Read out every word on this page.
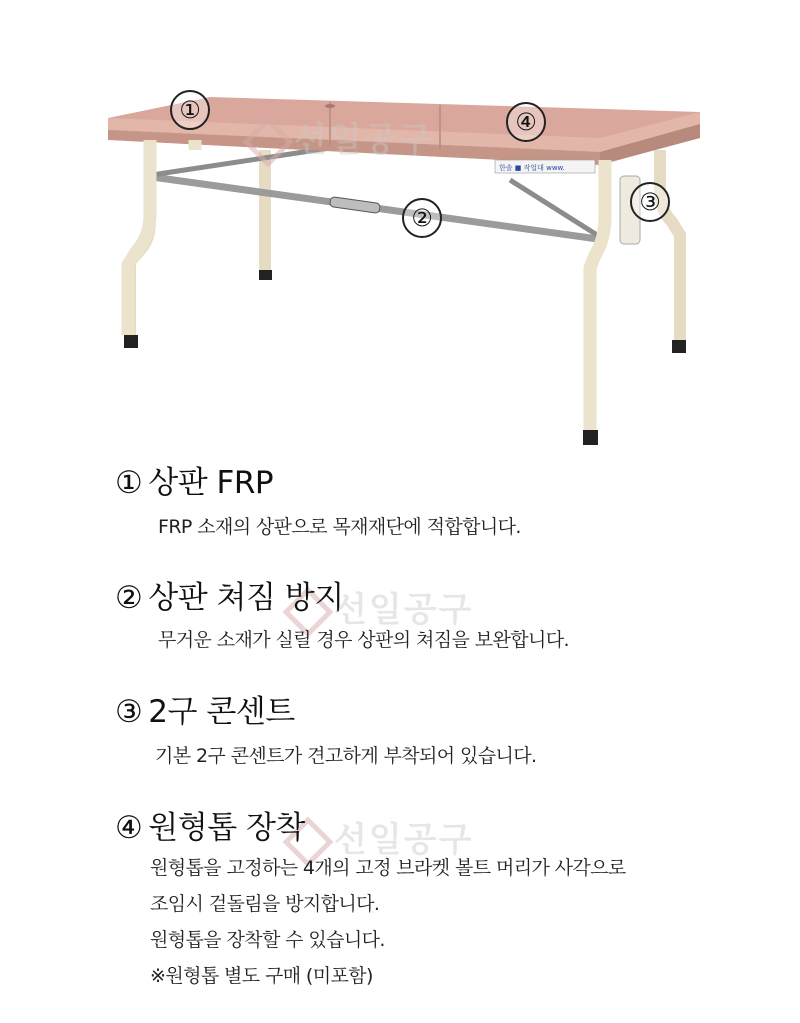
한솔 ■ 작업대 www.
①
②
③
④
선일공구
선일공구
선일공구
① 상판 FRP

FRP 소재의 상판으로 목재재단에 적합합니다.

② 상판 쳐짐 방지

무거운 소재가 실릴 경우 상판의 쳐짐을 보완합니다.

③ 2구 콘센트

기본 2구 콘센트가 견고하게 부착되어 있습니다.

④ 원형톱 장착

원형톱을 고정하는 4개의 고정 브라켓 볼트 머리가 사각으로

조임시 겉돌림을 방지합니다.

원형톱을 장착할 수 있습니다.

※원형톱 별도 구매 (미포함)
